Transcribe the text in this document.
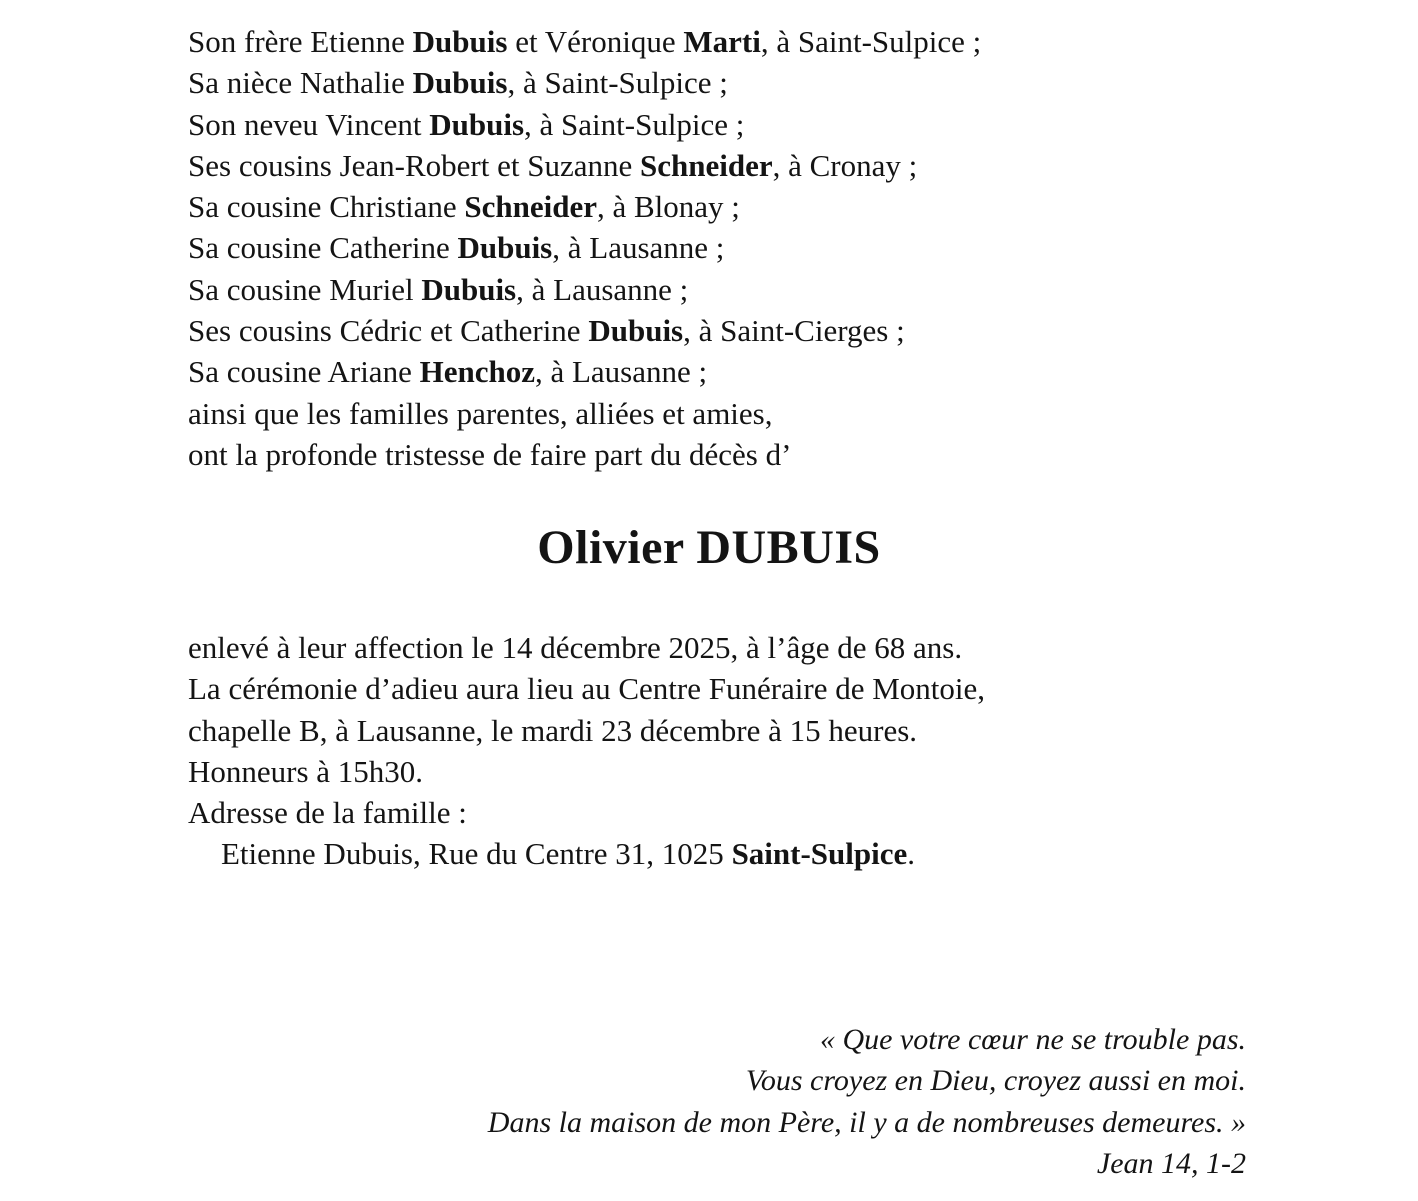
Son frère Etienne Dubuis et Véronique Marti, à Saint-Sulpice ;
Sa nièce Nathalie Dubuis, à Saint-Sulpice ;
Son neveu Vincent Dubuis, à Saint-Sulpice ;
Ses cousins Jean-Robert et Suzanne Schneider, à Cronay ;
Sa cousine Christiane Schneider, à Blonay ;
Sa cousine Catherine Dubuis, à Lausanne ;
Sa cousine Muriel Dubuis, à Lausanne ;
Ses cousins Cédric et Catherine Dubuis, à Saint-Cierges ;
Sa cousine Ariane Henchoz, à Lausanne ;
ainsi que les familles parentes, alliées et amies,
ont la profonde tristesse de faire part du décès d’
Olivier DUBUIS
enlevé à leur affection le 14 décembre 2025, à l’âge de 68 ans.
La cérémonie d’adieu aura lieu au Centre Funéraire de Montoie,
chapelle B, à Lausanne, le mardi 23 décembre à 15 heures.
Honneurs à 15h30.
Adresse de la famille :
Etienne Dubuis, Rue du Centre 31, 1025 Saint-Sulpice.
« Que votre cœur ne se trouble pas.
Vous croyez en Dieu, croyez aussi en moi.
Dans la maison de mon Père, il y a de nombreuses demeures. »
Jean 14, 1-2
